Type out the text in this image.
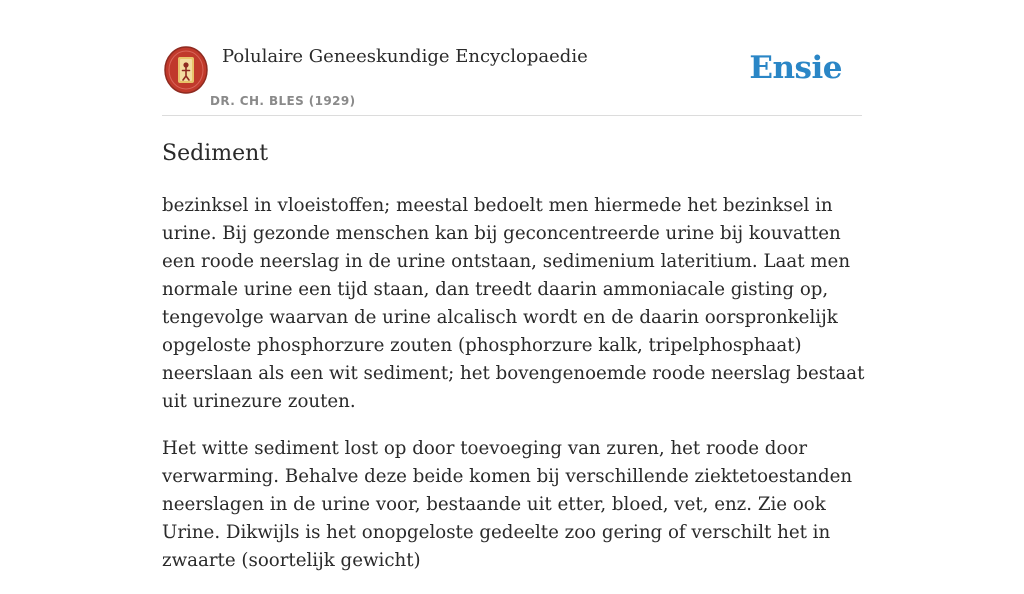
Polulaire Geneeskundige Encyclopaedie
DR. CH. BLES (1929)
Ensie
Sediment

bezinksel in vloeistoffen; meestal bedoelt men hiermede het bezinksel in urine. Bij gezonde menschen kan bij geconcentreerde urine bij kouvatten een roode neerslag in de urine ontstaan, sedimenium lateritium. Laat men normale urine een tijd staan, dan treedt daarin ammoniacale gisting op, tengevolge waarvan de urine alcalisch wordt en de daarin oorspronkelijk opgeloste phosphorzure zouten (phosphorzure kalk, tripelphosphaat) neerslaan als een wit sediment; het bovengenoemde roode neerslag bestaat uit urinezure zouten.

Het witte sediment lost op door toevoeging van zuren, het roode door verwarming. Behalve deze beide komen bij verschillende ziektetoestanden neerslagen in de urine voor, bestaande uit etter, bloed, vet, enz. Zie ook Urine. Dikwijls is het onopgeloste gedeelte zoo gering of verschilt het in zwaarte (soortelijk gewicht)
